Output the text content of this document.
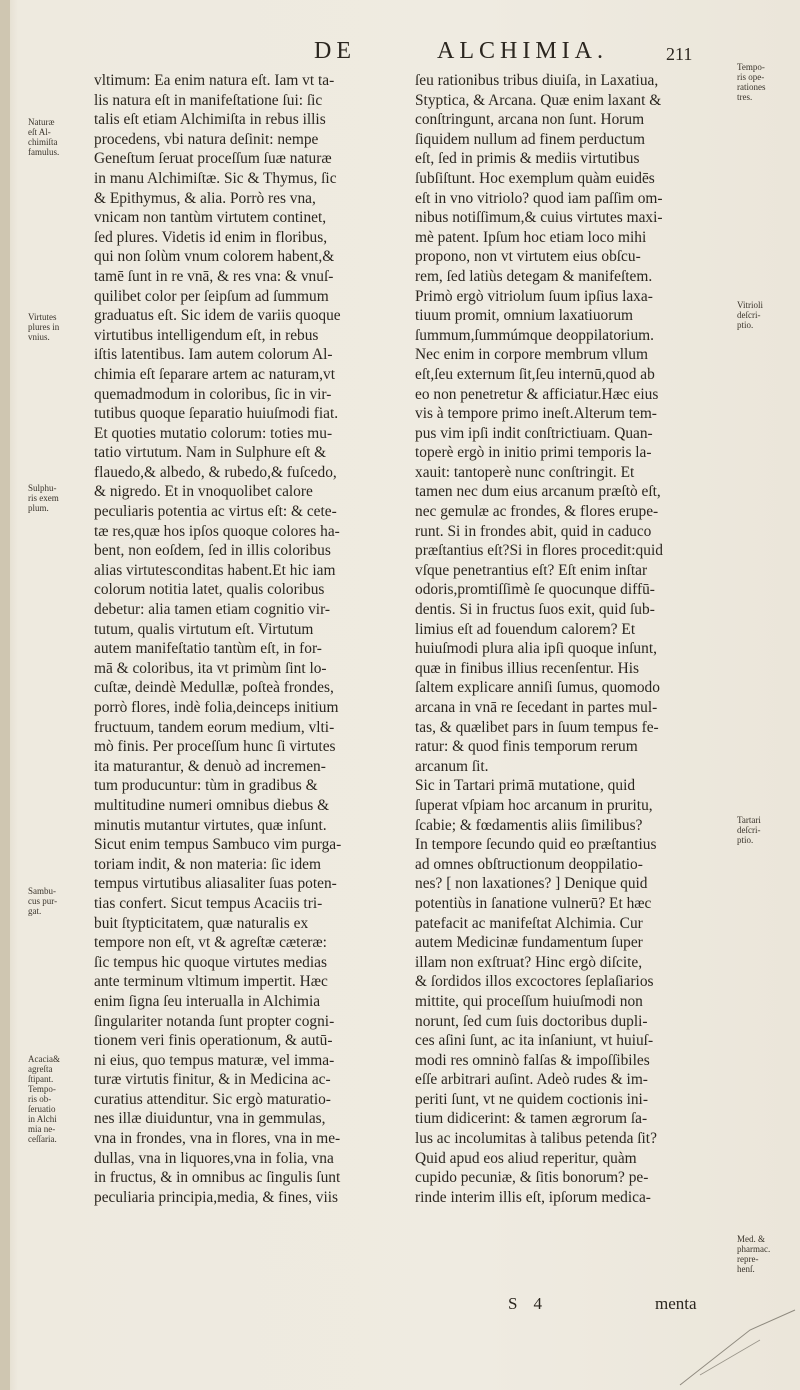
DE	ALCHIMIA.	211
vltimum: Ea enim natura eſt. Iam vt ta-
lis natura eſt in manifeſtatione ſui: ſic
talis eſt etiam Alchimiſta in rebus illis
procedens, vbi natura deſinit: nempe
Geneſtum ſeruat proceſſum ſuæ naturæ
in manu Alchimiſtæ. Sic & Thymus, ſic
& Epithymus, & alia. Porrò res vna,
vnicam non tantùm virtutem continet,
ſed plures. Videtis id enim in floribus,
qui non ſolùm vnum colorem habent,&
tamē ſunt in re vnā, & res vna: & vnuſ-
quilibet color per ſeipſum ad ſummum
graduatus eſt. Sic idem de variis quoque
virtutibus intelligendum eſt, in rebus
iſtis latentibus. Iam autem colorum Al-
chimia eſt ſeparare artem ac naturam,vt
quemadmodum in coloribus, ſic in vir-
tutibus quoque ſeparatio huiuſmodi fiat.
Et quoties mutatio colorum: toties mu-
tatio virtutum. Nam in Sulphure eſt &
flauedo,& albedo, & rubedo,& fuſcedo,
& nigredo. Et in vnoquolibet calore
peculiaris potentia ac virtus eſt: & cete-
tæ res,quæ hos ipſos quoque colores ha-
bent, non eoſdem, ſed in illis coloribus
alias virtutesconditas habent.Et hic iam
colorum notitia latet, qualis coloribus
debetur: alia tamen etiam cognitio vir-
tutum, qualis virtutum eſt. Virtutum
autem manifeſtatio tantùm eſt, in for-
mā & coloribus, ita vt primùm ſint lo-
cuſtæ, deindè Medullæ, poſteà frondes,
porrò flores, indè folia,deinceps initium
fructuum, tandem eorum medium, vlti-
mò finis. Per proceſſum hunc ſi virtutes
ita maturantur, & denuò ad incremen-
tum producuntur: tùm in gradibus &
multitudine numeri omnibus diebus &
minutis mutantur virtutes, quæ inſunt.
Sicut enim tempus Sambuco vim purga-
toriam indit, & non materia: ſic idem
tempus virtutibus aliasaliter ſuas poten-
tias confert. Sicut tempus Acaciis tri-
buit ſtypticitatem, quæ naturalis ex
tempore non eſt, vt & agreſtæ cæteræ:
ſic tempus hic quoque virtutes medias
ante terminum vltimum impertit. Hæc
enim ſigna ſeu interualla in Alchimia
ſingulariter notanda ſunt propter cogni-
tionem veri finis operationum, & autū-
ni eius, quo tempus maturæ, vel imma-
turæ virtutis finitur, & in Medicina ac-
curatius attenditur. Sic ergò maturatio-
nes illæ diuiduntur, vna in gemmulas,
vna in frondes, vna in flores, vna in me-
dullas, vna in liquores,vna in folia, vna
in fructus, & in omnibus ac ſingulis ſunt
peculiaria principia,media, & fines, viis
ſeu rationibus tribus diuiſa, in Laxatiua,
Styptica, & Arcana. Quæ enim laxant &
conſtringunt, arcana non ſunt. Horum
ſiquidem nullum ad finem perductum
eſt, ſed in primis & mediis virtutibus
ſubſiſtunt. Hoc exemplum quàm euidēs
eſt in vno vitriolo? quod iam paſſim om-
nibus notiſſimum,& cuius virtutes maxi-
mè patent. Ipſum hoc etiam loco mihi
propono, non vt virtutem eius obſcu-
rem, ſed latiùs detegam & manifeſtem.
Primò ergò vitriolum ſuum ipſius laxa-
tiuum promit, omnium laxatiuorum
ſummum,ſummúmque deoppilatorium.
Nec enim in corpore membrum vllum
eſt,ſeu externum ſit,ſeu internū,quod ab
eo non penetretur & afficiatur.Hæc eius
vis à tempore primo ineſt.Alterum tem-
pus vim ipſi indit conſtrictiuam. Quan-
toperè ergò in initio primi temporis la-
xauit: tantoperè nunc conſtringit. Et
tamen nec dum eius arcanum præſtò eſt,
nec gemulæ ac frondes, & flores erupe-
runt. Si in frondes abit, quid in caduco
præſtantius eſt?Si in flores procedit:quid
vſque penetrantius eſt? Eſt enim inſtar
odoris,promtiſſimè ſe quocunque diffū-
dentis. Si in fructus ſuos exit, quid ſub-
limius eſt ad fouendum calorem? Et
huiuſmodi plura alia ipſi quoque inſunt,
quæ in finibus illius recenſentur. His
ſaltem explicare anniſi ſumus, quomodo
arcana in vnā re ſecedant in partes mul-
tas, & quælibet pars in ſuum tempus fe-
ratur: & quod finis temporum rerum
arcanum ſit.
Sic in Tartari primā mutatione, quid
ſuperat vſpiam hoc arcanum in pruritu,
ſcabie; & fœdamentis aliis ſimilibus?
In tempore ſecundo quid eo præſtantius
ad omnes obſtructionum deoppilatio-
nes? [ non laxationes? ] Denique quid
potentiùs in ſanatione vulnerū? Et hæc
patefacit ac manifeſtat Alchimia. Cur
autem Medicinæ fundamentum ſuper
illam non exſtruat? Hinc ergò diſcite,
& ſordidos illos excoctores ſeplaſiarios
mittite, qui proceſſum huiuſmodi non
norunt, ſed cum ſuis doctoribus dupli-
ces aſini ſunt, ac ita inſaniunt, vt huiuſ-
modi res omninò falſas & impoſſibiles
eſſe arbitrari auſint. Adeò rudes & im-
periti ſunt, vt ne quidem coctionis ini-
tium didicerint: & tamen ægrorum ſa-
lus ac incolumitas à talibus petenda ſit?
Quid apud eos aliud reperitur, quàm
cupido pecuniæ, & ſitis bonorum? pe-
rinde interim illis eſt, ipſorum medica-
Naturæ
eſt Al-
chimiſta
famulus.
Virtutes
plures in
vnius.
Sulphu-
ris exem
plum.
Sambu-
cus pur-
gat.
Acacia&
agreſta
ſtipant.
Tempo-
ris ob-
ſeruatio
in Alchi
mia ne-
ceſſaria.
Tempo-
ris ope-
rationes
tres.
Vitrioli
deſcri-
ptio.
Tartari
deſcri-
ptio.
Med. &
pharmac.
repre-
henſ.
S 4	menta
